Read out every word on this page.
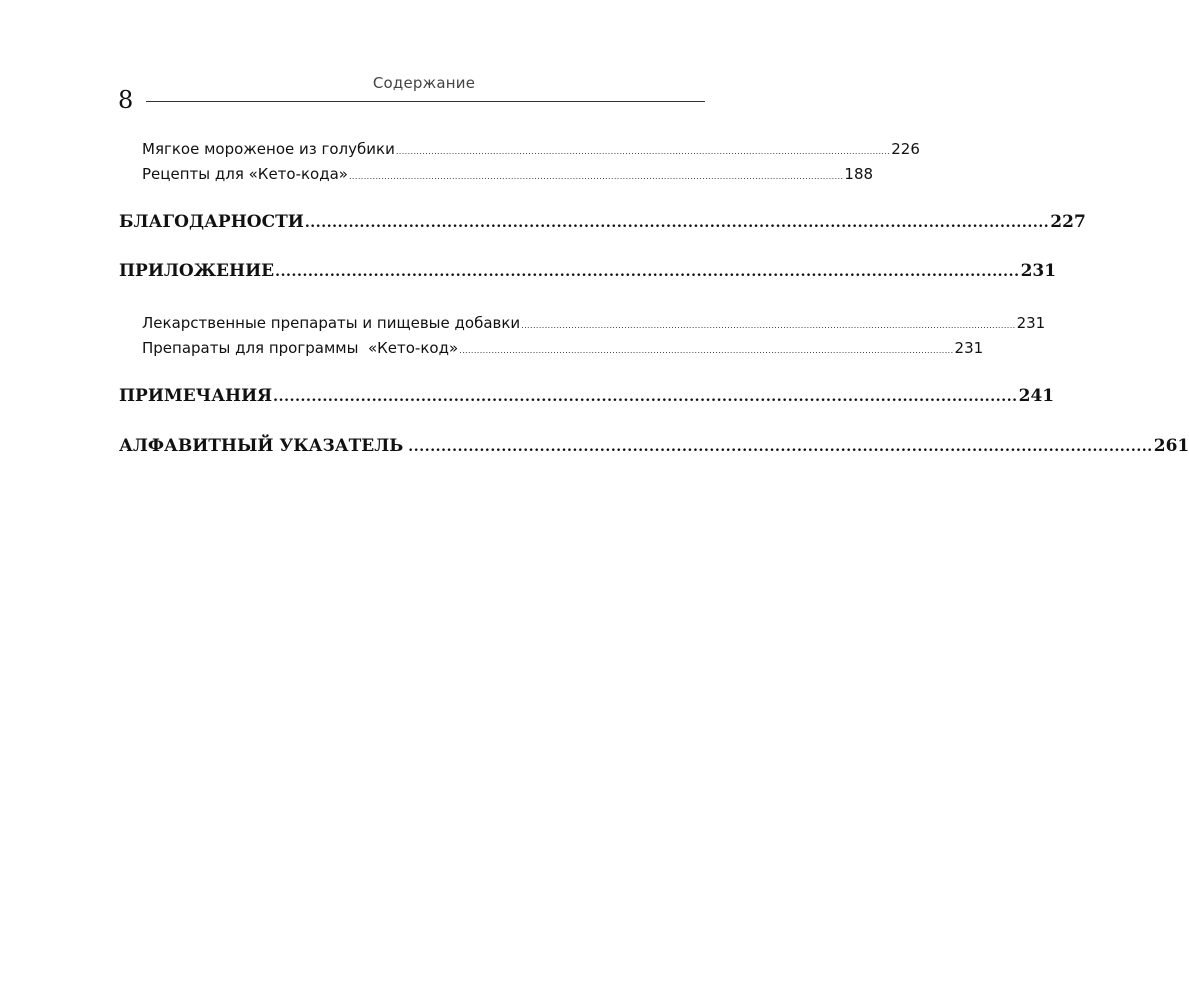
Содержание
8
Мягкое мороженое из голубики ........................................................................................................................................................................ 226
Рецепты для «Кето-кода» ........................................................................................................................................................................ 188
БЛАГОДАРНОСТИ ........................................................................................................................................ 227
ПРИЛОЖЕНИЕ ........................................................................................................................................ 231
Лекарственные препараты и пищевые добавки ........................................................................................................................................................................ 231
Препараты для программы  «Кето-код» ........................................................................................................................................................................ 231
ПРИМЕЧАНИЯ ........................................................................................................................................ 241
АЛФАВИТНЫЙ УКАЗАТЕЛЬ ........................................................................................................................................ 261
